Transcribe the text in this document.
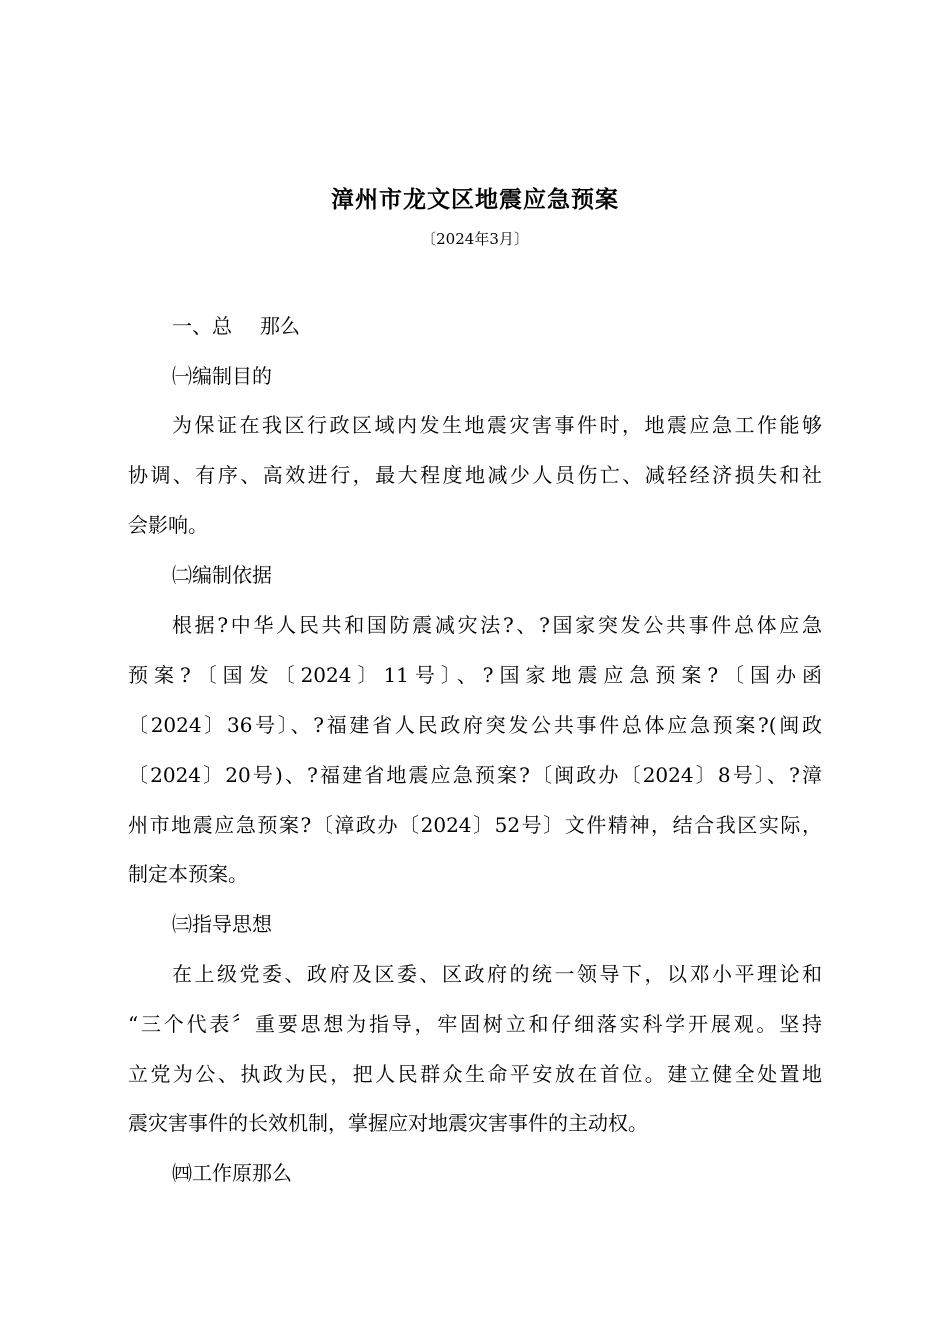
漳州市龙文区地震应急预案
〔2024年3月〕
一、总 那么
㈠编制目的
为保证在我区行政区域内发生地震灾害事件时，地震应急工作能够
协调、有序、高效进行，最大程度地减少人员伤亡、减轻经济损失和社
会影响。
㈡编制依据
根据?中华人民共和国防震减灾法?、?国家突发公共事件总体应急
预案?〔国发〔2024〕11号〕、?国家地震应急预案?〔国办函
〔2024〕36号〕、?福建省人民政府突发公共事件总体应急预案?(闽政
〔2024〕20号)、?福建省地震应急预案?〔闽政办〔2024〕8号〕、?漳
州市地震应急预案?〔漳政办〔2024〕52号〕文件精神，结合我区实际，
制定本预案。
㈢指导思想
在上级党委、政府及区委、区政府的统一领导下，以邓小平理论和
“三个代表〞重要思想为指导，牢固树立和仔细落实科学开展观。坚持
立党为公、执政为民，把人民群众生命平安放在首位。建立健全处置地
震灾害事件的长效机制，掌握应对地震灾害事件的主动权。
㈣工作原那么
